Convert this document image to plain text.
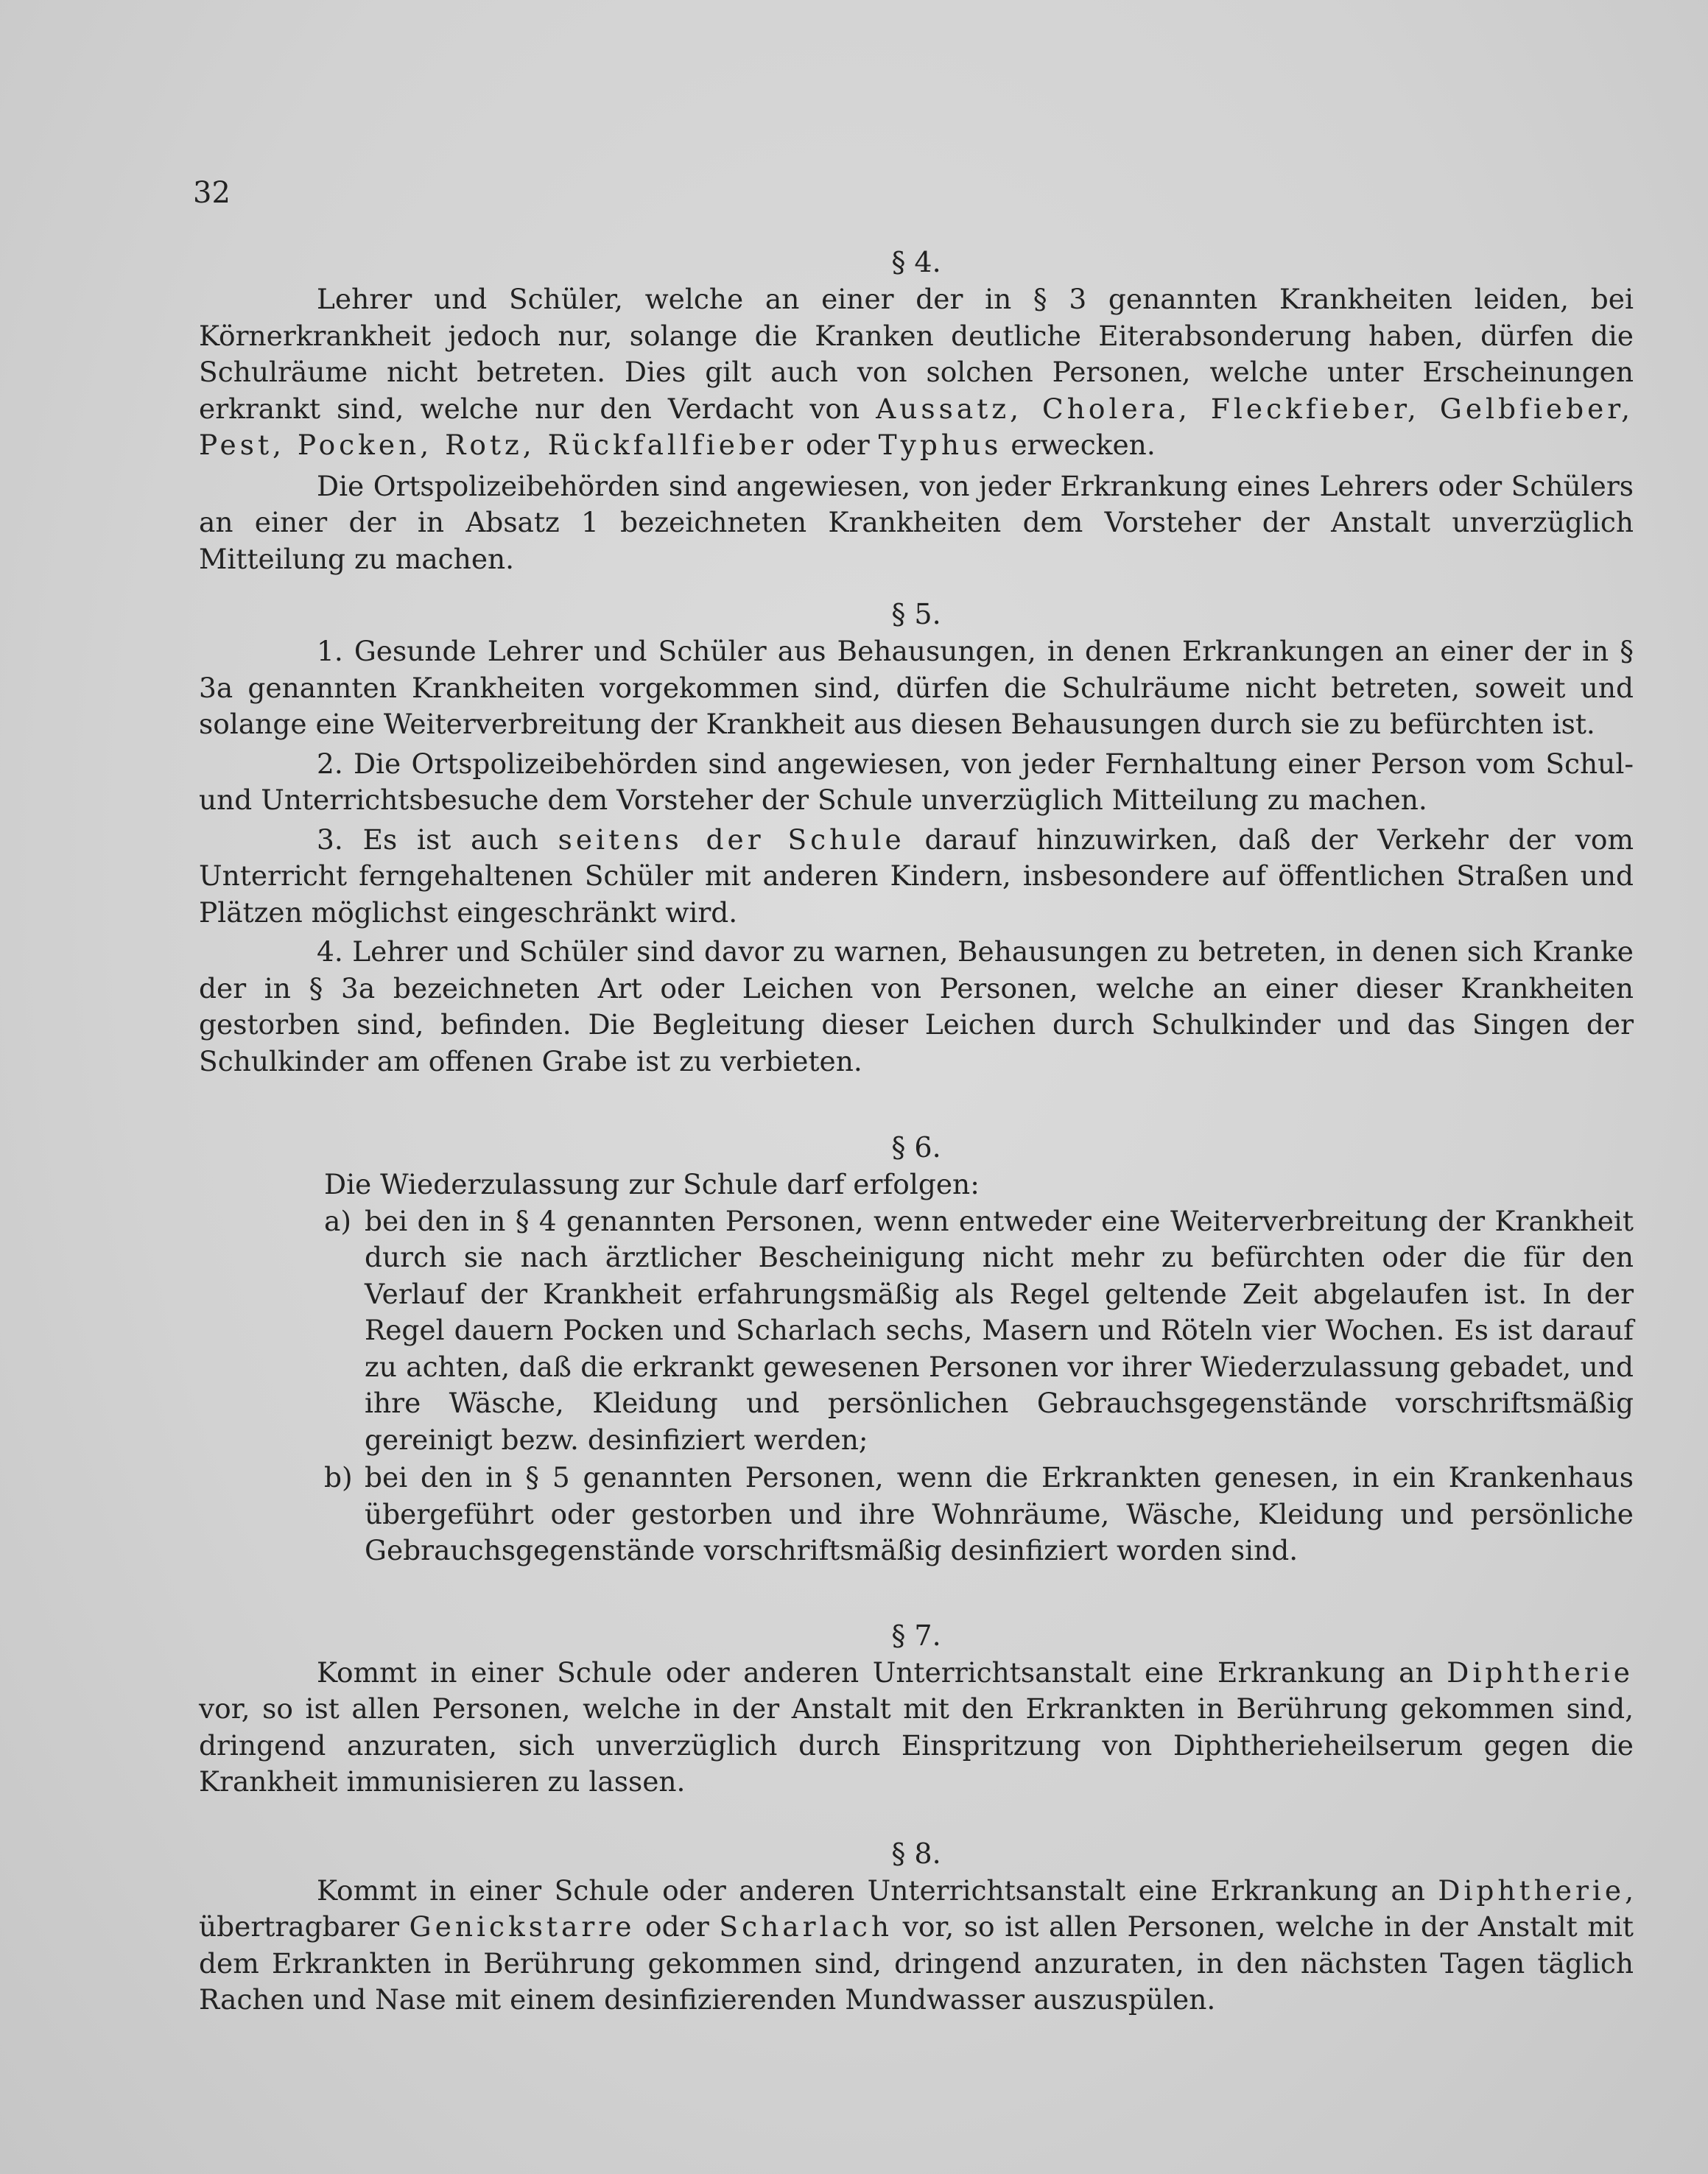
32
§ 4.

Lehrer und Schüler, welche an einer der in § 3 genannten Krankheiten leiden, bei Körnerkrankheit jedoch nur, solange die Kranken deutliche Eiterabsonderung haben, dürfen die Schulräume nicht betreten. Dies gilt auch von solchen Personen, welche unter Erscheinungen erkrankt sind, welche nur den Verdacht von Aussatz, Cholera, Fleckfieber, Gelbfieber, Pest, Pocken, Rotz, Rückfallfieber oder Typhus erwecken.

Die Ortspolizeibehörden sind angewiesen, von jeder Erkrankung eines Lehrers oder Schülers an einer der in Absatz 1 bezeichneten Krankheiten dem Vorsteher der Anstalt unverzüglich Mitteilung zu machen.

§ 5.

1. Gesunde Lehrer und Schüler aus Behausungen, in denen Erkrankungen an einer der in § 3a genannten Krankheiten vorgekommen sind, dürfen die Schulräume nicht betreten, soweit und solange eine Weiterverbreitung der Krankheit aus diesen Behausungen durch sie zu befürchten ist.

2. Die Ortspolizeibehörden sind angewiesen, von jeder Fernhaltung einer Person vom Schul- und Unterrichtsbesuche dem Vorsteher der Schule unverzüglich Mitteilung zu machen.

3. Es ist auch seitens der Schule darauf hinzuwirken, daß der Verkehr der vom Unterricht ferngehaltenen Schüler mit anderen Kindern, insbesondere auf öffentlichen Straßen und Plätzen möglichst eingeschränkt wird.

4. Lehrer und Schüler sind davor zu warnen, Behausungen zu betreten, in denen sich Kranke der in § 3a bezeichneten Art oder Leichen von Personen, welche an einer dieser Krankheiten gestorben sind, befinden. Die Begleitung dieser Leichen durch Schulkinder und das Singen der Schulkinder am offenen Grabe ist zu verbieten.

§ 6.

Die Wiederzulassung zur Schule darf erfolgen:

a) bei den in § 4 genannten Personen, wenn entweder eine Weiterverbreitung der Krankheit durch sie nach ärztlicher Bescheinigung nicht mehr zu befürchten oder die für den Verlauf der Krankheit erfahrungsmäßig als Regel geltende Zeit abgelaufen ist. In der Regel dauern Pocken und Scharlach sechs, Masern und Röteln vier Wochen. Es ist darauf zu achten, daß die erkrankt gewesenen Personen vor ihrer Wiederzulassung gebadet, und ihre Wäsche, Kleidung und persönlichen Gebrauchsgegenstände vorschriftsmäßig gereinigt bezw. desinfiziert werden;
b) bei den in § 5 genannten Personen, wenn die Erkrankten genesen, in ein Krankenhaus übergeführt oder gestorben und ihre Wohnräume, Wäsche, Kleidung und persönliche Gebrauchsgegenstände vorschriftsmäßig desinfiziert worden sind.
§ 7.

Kommt in einer Schule oder anderen Unterrichtsanstalt eine Erkrankung an Diphtherie vor, so ist allen Personen, welche in der Anstalt mit den Erkrankten in Berührung gekommen sind, dringend anzuraten, sich unverzüglich durch Einspritzung von Diphtherieheilserum gegen die Krankheit immunisieren zu lassen.

§ 8.

Kommt in einer Schule oder anderen Unterrichtsanstalt eine Erkrankung an Diphtherie, übertragbarer Genickstarre oder Scharlach vor, so ist allen Personen, welche in der Anstalt mit dem Erkrankten in Berührung gekommen sind, dringend anzuraten, in den nächsten Tagen täglich Rachen und Nase mit einem desinfizierenden Mundwasser auszuspülen.
